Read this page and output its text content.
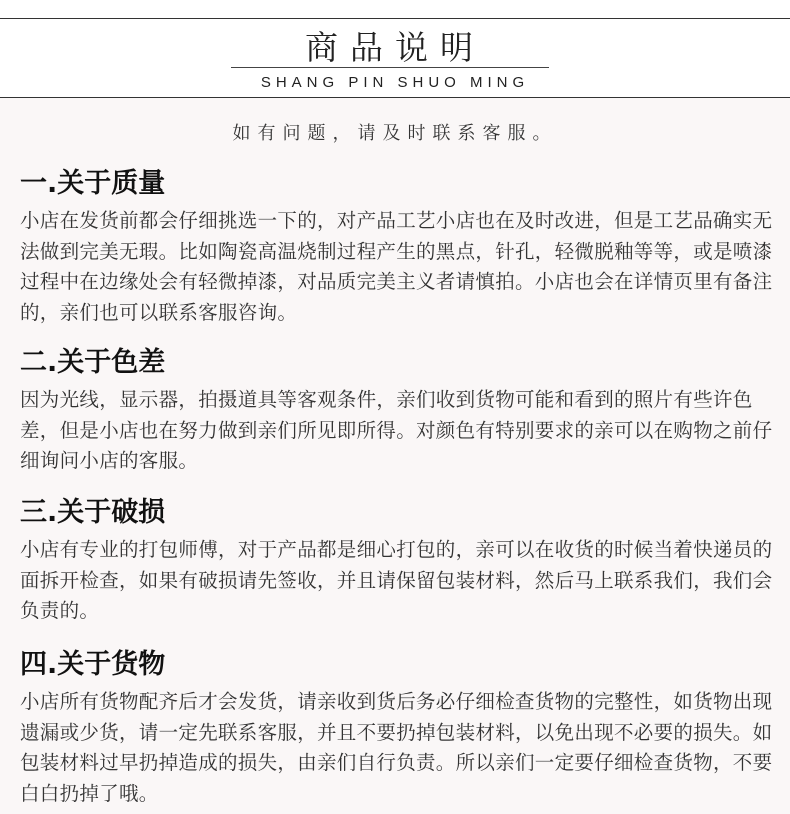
商品说明
SHANG PIN SHUO MING
如有问题，请及时联系客服。
一.关于质量

小店在发货前都会仔细挑选一下的，对产品工艺小店也在及时改进，但是工艺品确实无法做到完美无瑕。比如陶瓷高温烧制过程产生的黑点，针孔，轻微脱釉等等，或是喷漆过程中在边缘处会有轻微掉漆，对品质完美主义者请慎拍。小店也会在详情页里有备注的，亲们也可以联系客服咨询。

二.关于色差

因为光线，显示器，拍摄道具等客观条件，亲们收到货物可能和看到的照片有些许色差，但是小店也在努力做到亲们所见即所得。对颜色有特别要求的亲可以在购物之前仔细询问小店的客服。

三.关于破损

小店有专业的打包师傅，对于产品都是细心打包的，亲可以在收货的时候当着快递员的面拆开检查，如果有破损请先签收，并且请保留包装材料，然后马上联系我们，我们会负责的。

四.关于货物

小店所有货物配齐后才会发货，请亲收到货后务必仔细检查货物的完整性，如货物出现遗漏或少货，请一定先联系客服，并且不要扔掉包装材料，以免出现不必要的损失。如包装材料过早扔掉造成的损失，由亲们自行负责。所以亲们一定要仔细检查货物，不要白白扔掉了哦。
